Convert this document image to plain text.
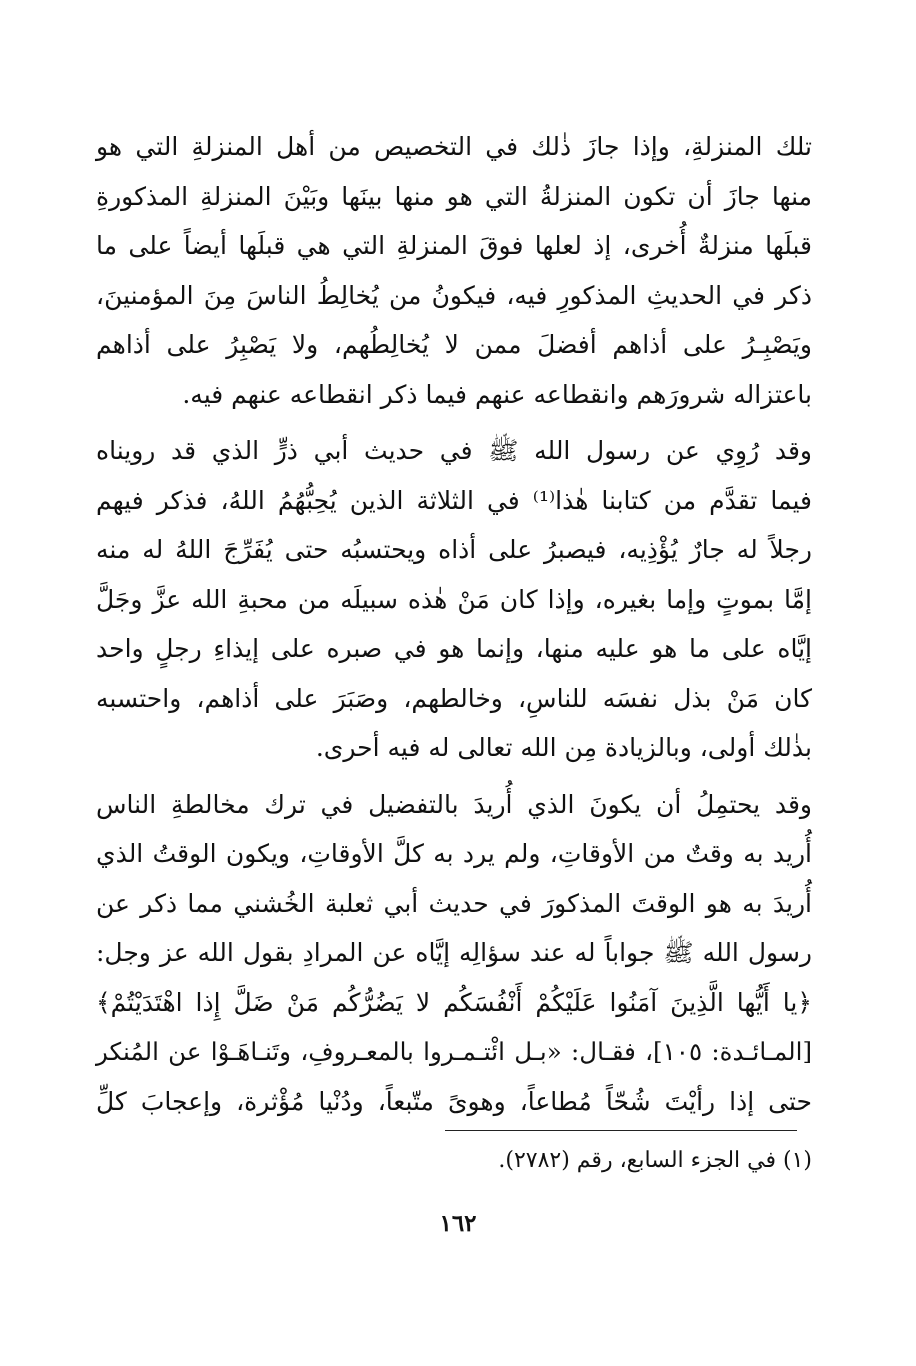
تلك المنزلةِ، وإذا جازَ ذٰلك في التخصيص من أهل المنزلةِ التي هو
منها جازَ أن تكون المنزلةُ التي هو منها بينَها وبَيْنَ المنزلةِ المذكورةِ
قبلَها منزلةٌ أُخرى، إذ لعلها فوقَ المنزلةِ التي هي قبلَها أيضاً على ما
ذكر في الحديثِ المذكورِ فيه، فيكونُ من يُخالِطُ الناسَ مِنَ المؤمنينَ،
ويَصْبِـرُ على أذاهم أفضلَ ممن لا يُخالِطُهم، ولا يَصْبِرُ على أذاهم
باعتزاله شرورَهم وانقطاعه عنهم فيما ذكر انقطاعه عنهم فيه.

وقد رُوِي عن رسول الله ﷺ في حديث أبي ذرٍّ الذي قد رويناه
فيما تقدَّم من كتابنا هٰذا⁽¹⁾ في الثلاثة الذين يُحِبُّهُمُ اللهُ، فذكر فيهم
رجلاً له جارٌ يُؤْذِيه، فيصبرُ على أذاه ويحتسبُه حتى يُفَرِّجَ اللهُ له منه
إمَّا بموتٍ وإما بغيره، وإذا كان مَنْ هٰذه سبيلَه من محبةِ الله عزَّ وجَلَّ
إيَّاه على ما هو عليه منها، وإنما هو في صبره على إيذاءِ رجلٍ واحد
كان مَنْ بذل نفسَه للناسِ، وخالطهم، وصَبَرَ على أذاهم، واحتسبه
بذٰلك أولى، وبالزيادة مِن الله تعالى له فيه أحرى.

وقد يحتمِلُ أن يكونَ الذي أُريدَ بالتفضيل في ترك مخالطةِ الناس
أُريد به وقتٌ من الأوقاتِ، ولم يرد به كلَّ الأوقاتِ، ويكون الوقتُ الذي
أُريدَ به هو الوقتَ المذكورَ في حديث أبي ثعلبة الخُشني مما ذكر عن
رسول الله ﷺ جواباً له عند سؤالِه إيَّاه عن المرادِ بقول الله عز وجل:
﴿يا أَيُّها الَّذِينَ آمَنُوا عَلَيْكُمْ أَنْفُسَكُم لا يَضُرُّكُم مَنْ ضَلَّ إِذا اهْتَدَيْتُمْ﴾
[المـائـدة: ١٠٥]، فقـال: «بـل ائْتـمـروا بالمعـروفِ، وتَنـاهَـوْا عن المُنكر
حتى إذا رأيْتَ شُحّاً مُطاعاً، وهوىً متّبعاً، ودُنْيا مُؤْثرة، وإعجابَ كلِّ

(١) في الجزء السابع، رقم (٢٧٨٢).
١٦٢
